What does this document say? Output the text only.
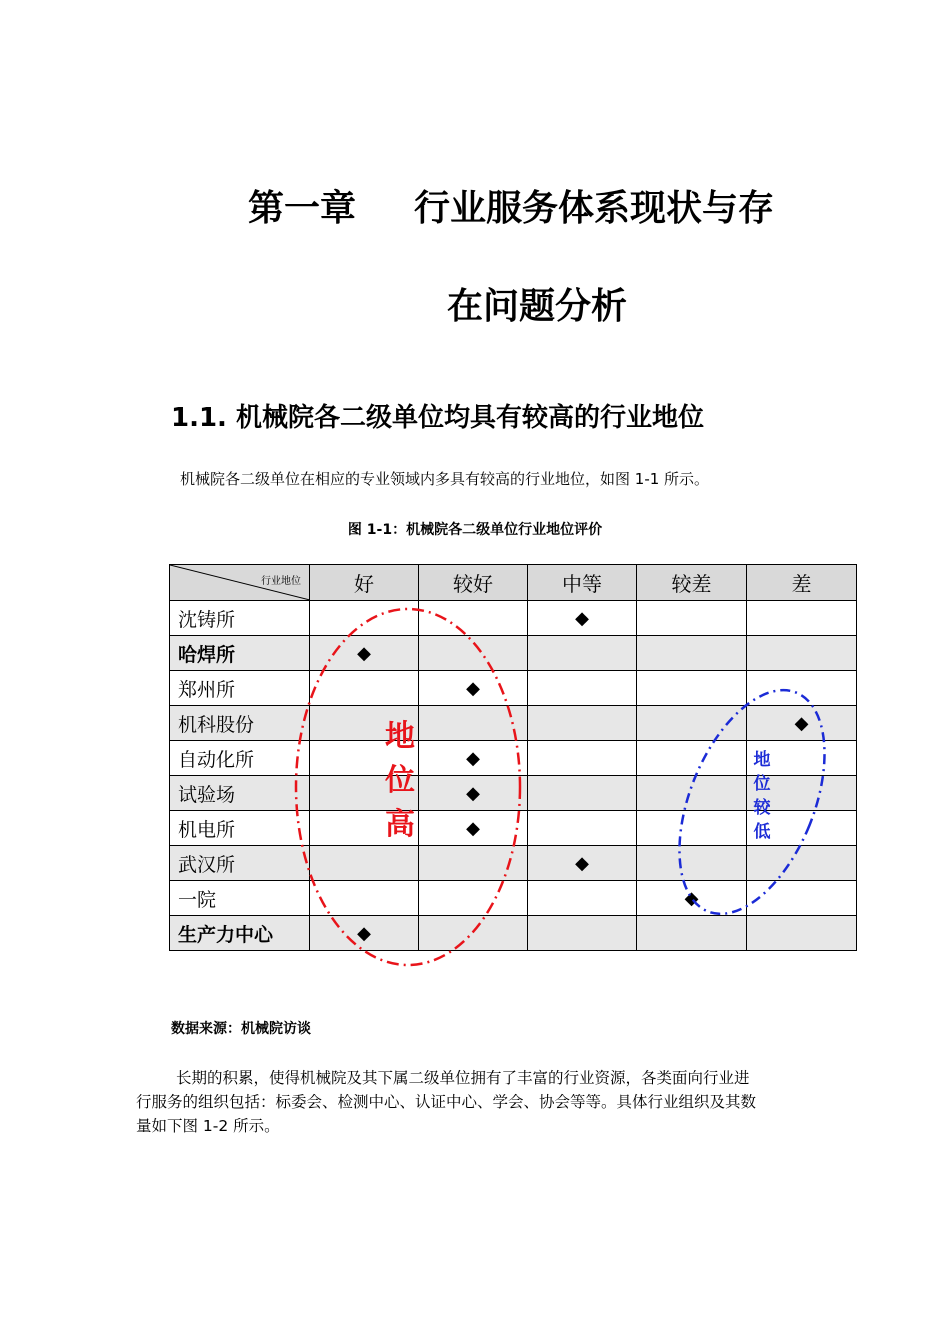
第一章 行业服务体系现状与存
在问题分析
1.1. 机械院各二级单位均具有较高的行业地位
机械院各二级单位在相应的专业领域内多具有较高的行业地位，如图 1-1 所示。
图 1-1：机械院各二级单位行业地位评价
行业地位	好	较好	中等	较差	差
沈铸所			◆		
哈焊所	◆				
郑州所		◆			
机科股份					◆
自动化所		◆			
试验场		◆			
机电所		◆			
武汉所			◆		
一院				◆	
生产力中心	◆				
地
位
高
地
位
较
低
数据来源：机械院访谈
长期的积累，使得机械院及其下属二级单位拥有了丰富的行业资源，各类面向行业进
行服务的组织包括：标委会、检测中心、认证中心、学会、协会等等。具体行业组织及其数
量如下图 1-2 所示。
